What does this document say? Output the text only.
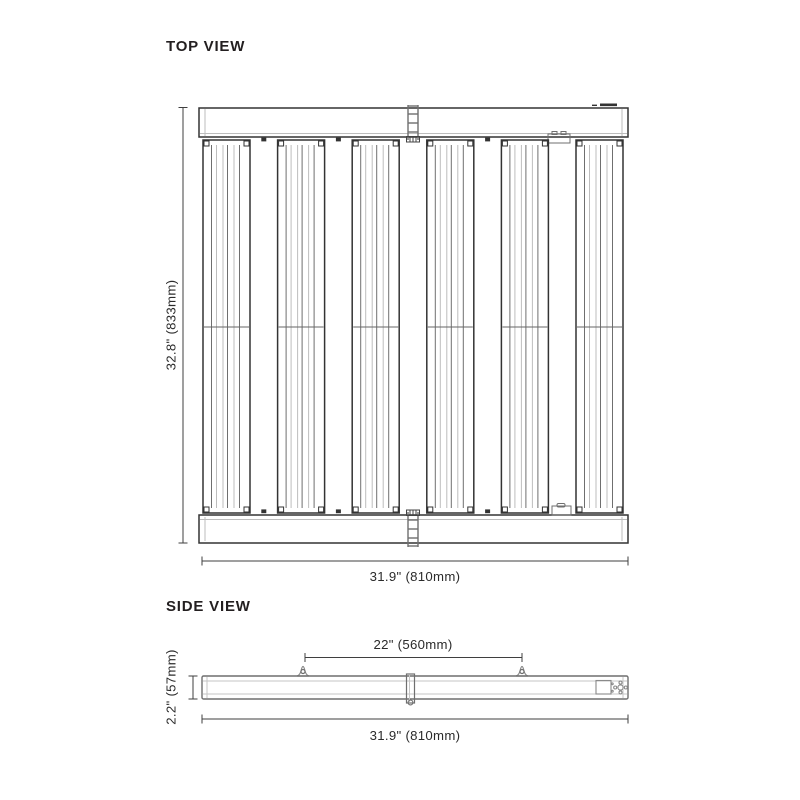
TOP VIEW
32.8" (833mm)
31.9" (810mm)
SIDE VIEW
22" (560mm)
2.2" (57mm)
31.9" (810mm)
